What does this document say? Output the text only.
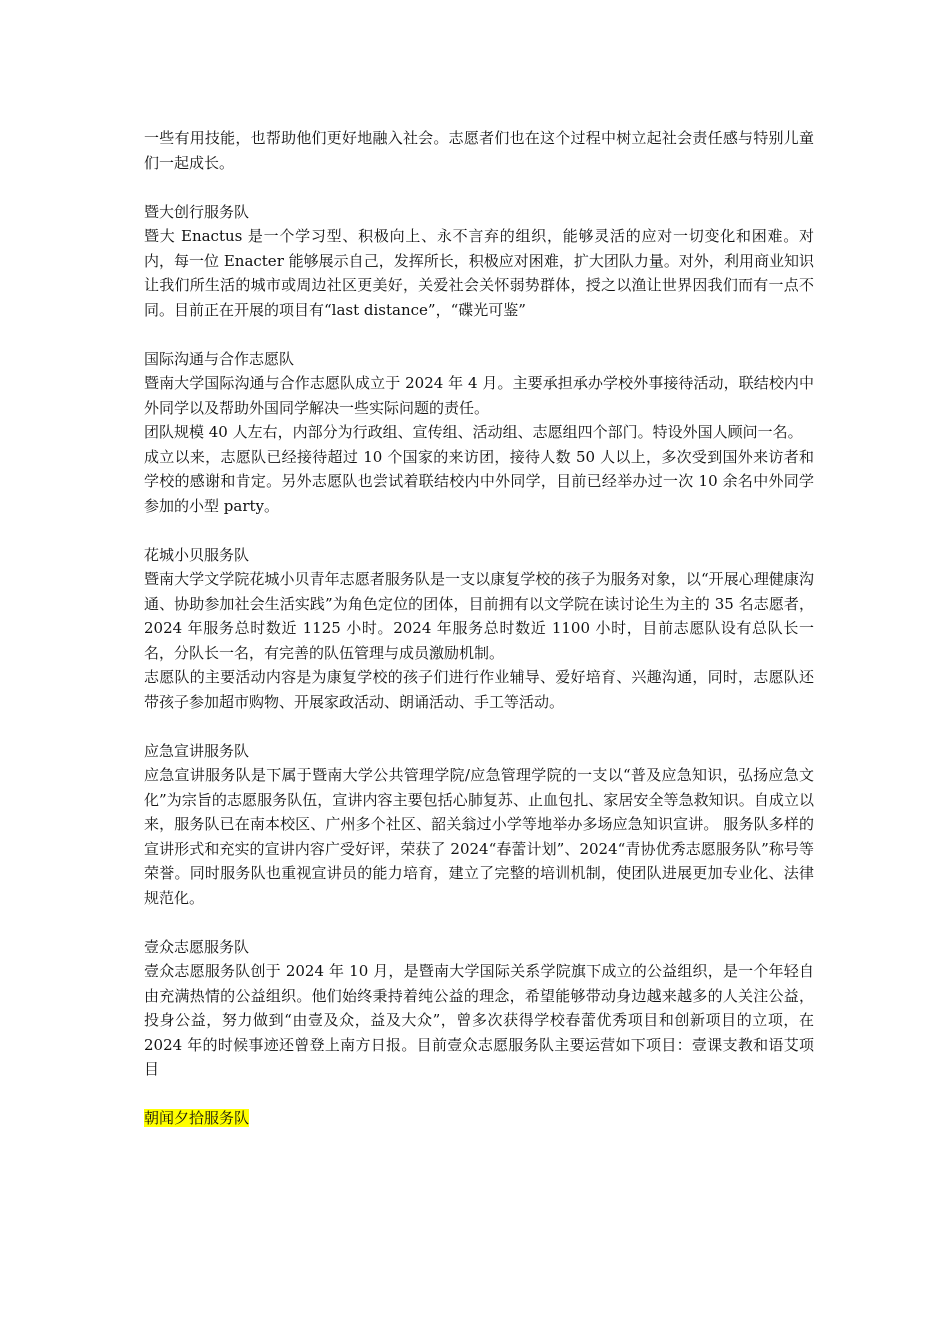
一些有用技能，也帮助他们更好地融入社会。志愿者们也在这个过程中树立起社会责任感与特别儿童们一起成长。

暨大创行服务队

暨大 Enactus 是一个学习型、积极向上、永不言弃的组织，能够灵活的应对一切变化和困难。对内，每一位 Enacter 能够展示自己，发挥所长，积极应对困难，扩大团队力量。对外，利用商业知识让我们所生活的城市或周边社区更美好，关爱社会关怀弱势群体，授之以渔让世界因我们而有一点不同。目前正在开展的项目有“last distance”，“碟光可鉴”

国际沟通与合作志愿队

暨南大学国际沟通与合作志愿队成立于 2024 年 4 月。主要承担承办学校外事接待活动，联结校内中外同学以及帮助外国同学解决一些实际问题的责任。

团队规模 40 人左右，内部分为行政组、宣传组、活动组、志愿组四个部门。特设外国人顾问一名。

成立以来，志愿队已经接待超过 10 个国家的来访团，接待人数 50 人以上，多次受到国外来访者和学校的感谢和肯定。另外志愿队也尝试着联结校内中外同学，目前已经举办过一次 10 余名中外同学参加的小型 party。

花城小贝服务队

暨南大学文学院花城小贝青年志愿者服务队是一支以康复学校的孩子为服务对象，以“开展心理健康沟通、协助参加社会生活实践”为角色定位的团体，目前拥有以文学院在读讨论生为主的 35 名志愿者，2024 年服务总时数近 1125 小时。2024 年服务总时数近 1100 小时，目前志愿队设有总队长一名，分队长一名，有完善的队伍管理与成员激励机制。

志愿队的主要活动内容是为康复学校的孩子们进行作业辅导、爱好培育、兴趣沟通，同时，志愿队还带孩子参加超市购物、开展家政活动、朗诵活动、手工等活动。

应急宣讲服务队

应急宣讲服务队是下属于暨南大学公共管理学院/应急管理学院的一支以“普及应急知识，弘扬应急文化”为宗旨的志愿服务队伍，宣讲内容主要包括心肺复苏、止血包扎、家居安全等急救知识。自成立以来，服务队已在南本校区、广州多个社区、韶关翁过小学等地举办多场应急知识宣讲。 服务队多样的宣讲形式和充实的宣讲内容广受好评，荣获了 2024“春蕾计划”、2024“青协优秀志愿服务队”称号等荣誉。同时服务队也重视宣讲员的能力培育，建立了完整的培训机制，使团队进展更加专业化、法律规范化。

壹众志愿服务队

壹众志愿服务队创于 2024 年 10 月，是暨南大学国际关系学院旗下成立的公益组织，是一个年轻自由充满热情的公益组织。他们始终秉持着纯公益的理念，希望能够带动身边越来越多的人关注公益，投身公益，努力做到“由壹及众，益及大众”，曾多次获得学校春蕾优秀项目和创新项目的立项，在 2024 年的时候事迹还曾登上南方日报。目前壹众志愿服务队主要运营如下项目：壹课支教和语艾项目

朝闻夕拾服务队
